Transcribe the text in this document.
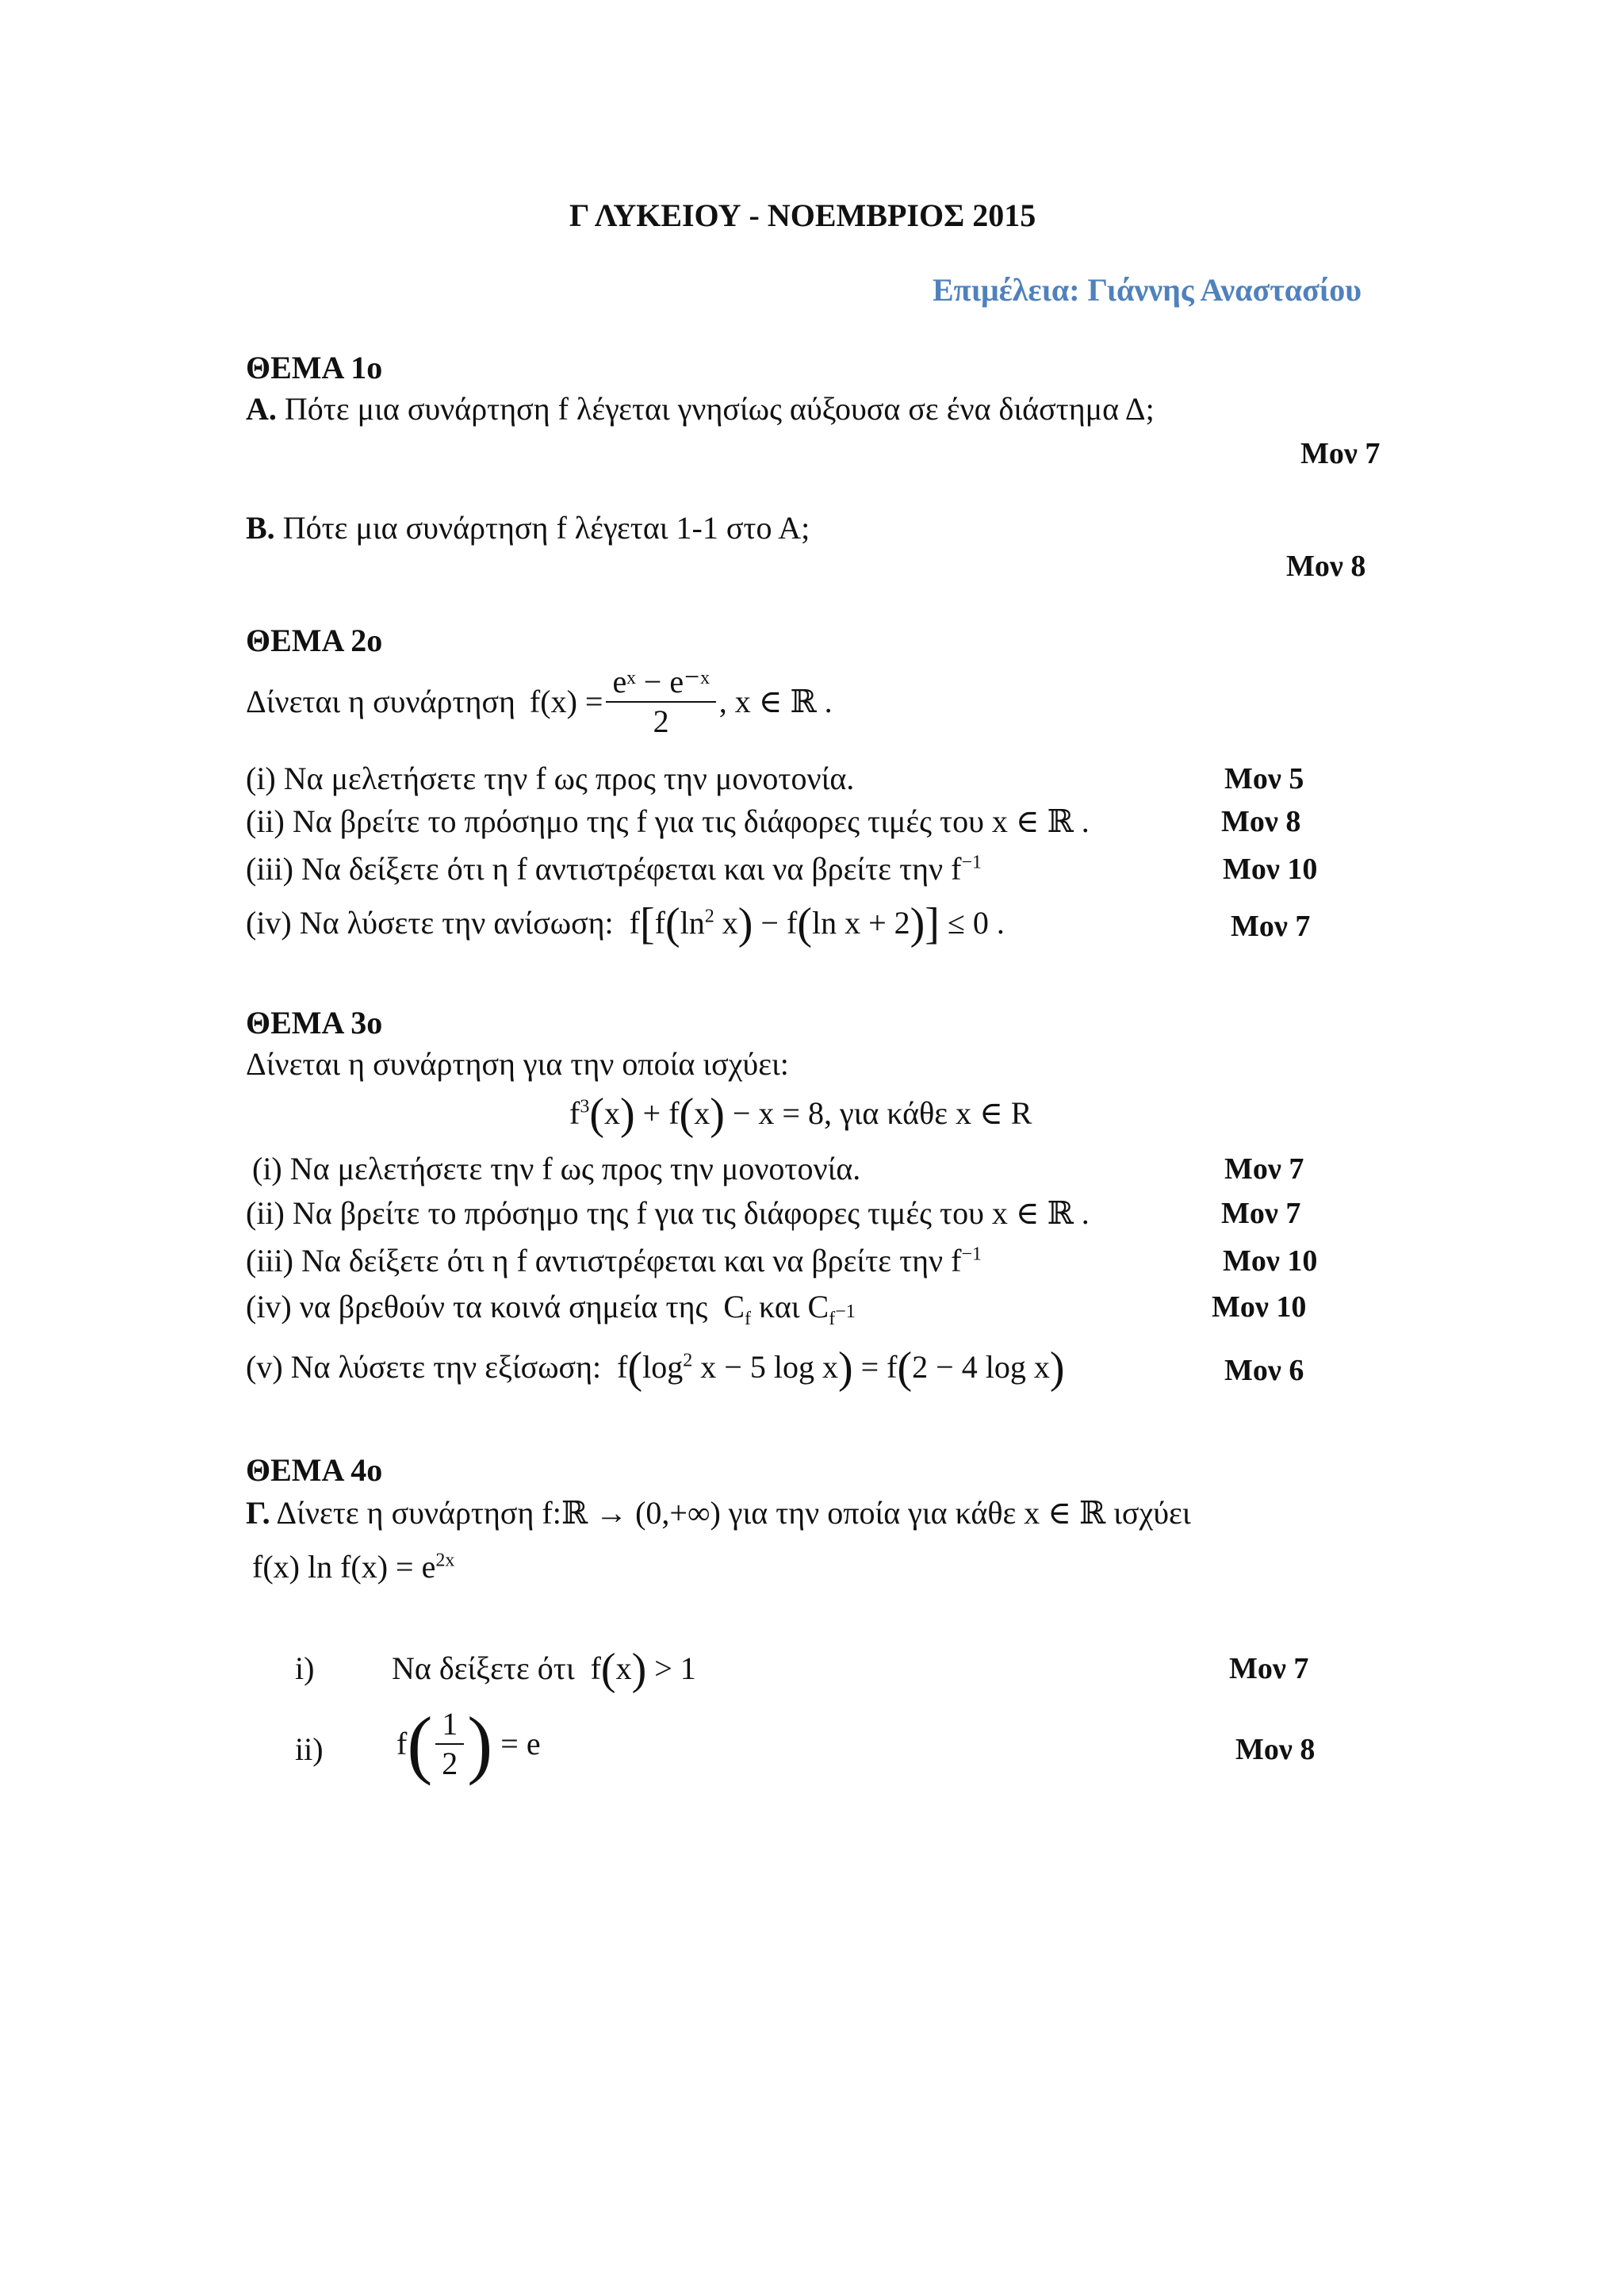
Γ ΛΥΚΕΙΟΥ - ΝΟΕΜΒΡΙΟΣ 2015
Επιμέλεια: Γιάννης Αναστασίου
ΘΕΜΑ 1ο
Α. Πότε μια συνάρτηση f λέγεται γνησίως αύξουσα σε ένα διάστημα Δ;
Μον 7
Β. Πότε μια συνάρτηση f λέγεται 1-1 στο Α;
Μον 8
ΘΕΜΑ 2ο
Δίνεται η συνάρτηση $f(x) = \frac{\text{eˣ − e⁻ˣ}}{2}$ , x ∈ ℝ .
(i) Να μελετήσετε την f ως προς την μονοτονία.	Μον 5
(ii) Να βρείτε το πρόσημο της f για τις διάφορες τιμές του x ∈ ℝ .	Μον 8
(iii) Να δείξετε ότι η f αντιστρέφεται και να βρείτε την $f^{-1}$	Μον 10
(iv) Να λύσετε την ανίσωση:  $f[f(\ln^2$ x) − f(ln x + 2)] ≤ 0 .	Μον 7
ΘΕΜΑ 3ο
Δίνεται η συνάρτηση για την οποία ισχύει:
$f^3(x) + f(x) - x = 8$, για κάθε x ∈ R
(i) Να μελετήσετε την f ως προς την μονοτονία.	Μον 7
(ii) Να βρείτε το πρόσημο της f για τις διάφορες τιμές του x ∈ ℝ .	Μον 7
(iii) Να δείξετε ότι η f αντιστρέφεται και να βρείτε την $f^{-1}$	Μον 10
(iv) να βρεθούν τα κοινά σημεία της  $C_f$ και $C_{f^{-1}}$	Μον 10
(v) Να λύσετε την εξίσωση:  $f(\log^2$ x − 5 log x) = f(2 − 4 log x)	Μον 6
ΘΕΜΑ 4ο
Γ. Δίνετε η συνάρτηση f:ℝ → (0,+∞) για την οποία για κάθε x ∈ ℝ ισχύει
f(x) $\ln f(x) = e^{2x}$
i) Να δείξετε ότι  f(x) > 1	Μον 7
ii) f ( $\frac{1}{2}$ ) = e	Μον 8
